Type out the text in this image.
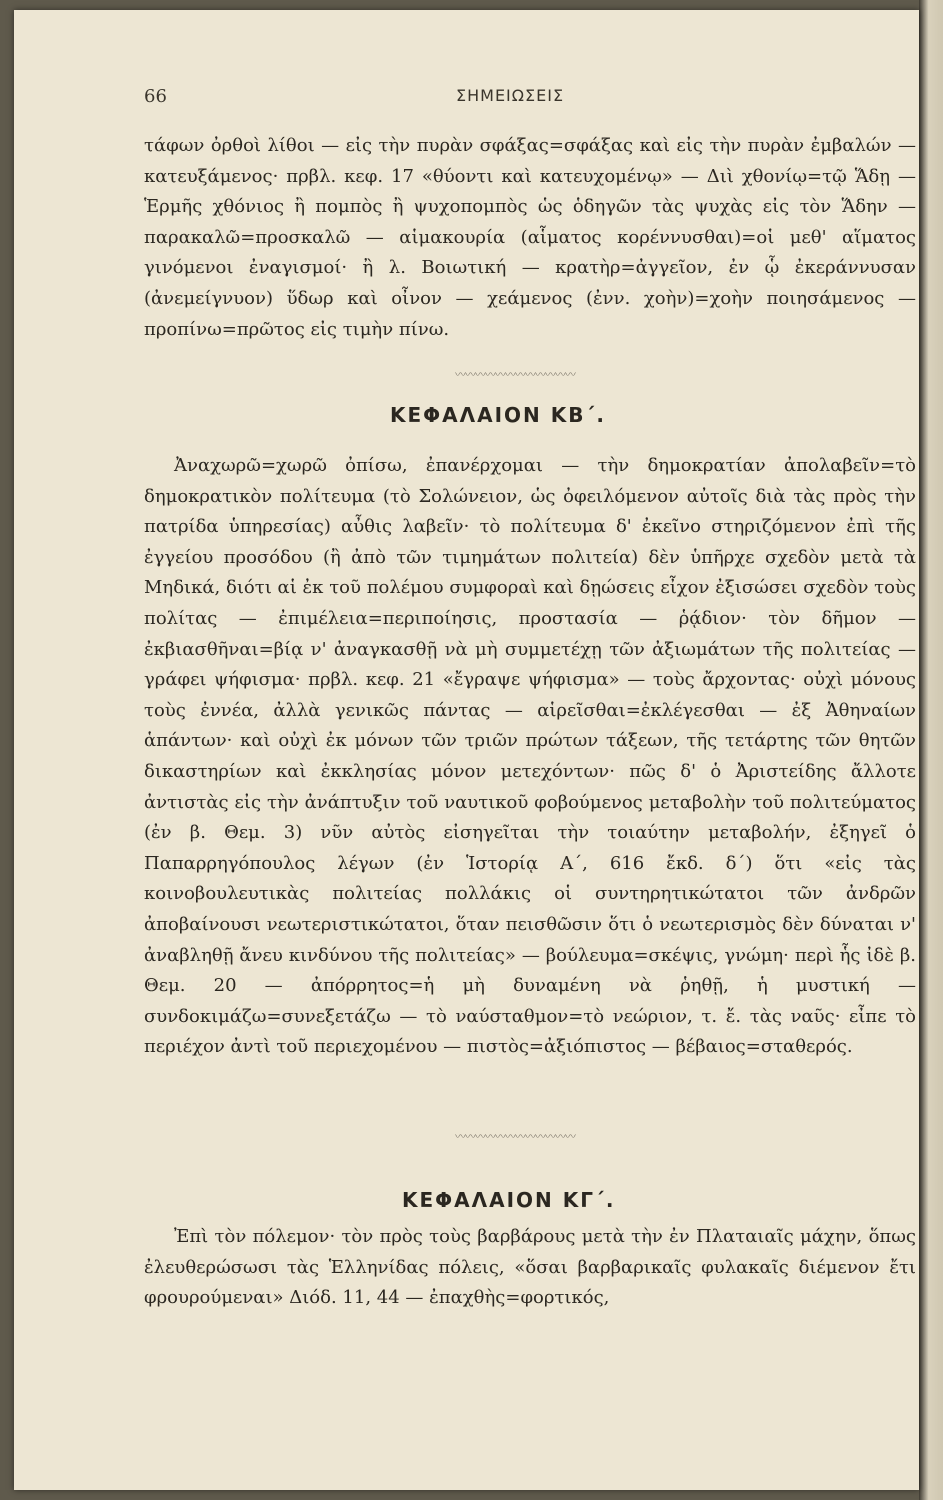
66	ΣΗΜΕΙΩΣΕΙΣ
τάφων ὀρθοὶ λίθοι — εἰς τὴν πυρὰν σφάξας=σφάξας καὶ εἰς τὴν πυρὰν ἐμβαλών — κατευξάμενος· πρβλ. κεφ. 17 «θύοντι καὶ κατευχομένῳ» — Διὶ χθονίῳ=τῷ Ἅδῃ — Ἑρμῆς χθόνιος ἢ πομπὸς ἢ ψυχοπομπὸς ὡς ὁδηγῶν τὰς ψυχὰς εἰς τὸν Ἅδην — παρακαλῶ=προσκαλῶ — αἱμακουρία (αἷματος κορέννυσθαι)=οἱ μεθ' αἵματος γινόμενοι ἐναγισμοί· ἢ λ. Βοιωτική — κρατὴρ=ἀγγεῖον, ἐν ᾧ ἐκεράννυσαν (ἀνεμείγνυον) ὕδωρ καὶ οἶνον — χεάμενος (ἐνν. χοὴν)=χοὴν ποιησάμενος — προπίνω=πρῶτος εἰς τιμὴν πίνω.
〰〰〰〰〰〰〰〰〰〰〰〰
ΚΕΦΑΛΑΙΟΝ ΚΒ΄.
Ἀναχωρῶ=χωρῶ ὀπίσω, ἐπανέρχομαι — τὴν δημοκρατίαν ἀπολαβεῖν=τὸ δημοκρατικὸν πολίτευμα (τὸ Σολώνειον, ὡς ὀφειλόμενον αὐτοῖς διὰ τὰς πρὸς τὴν πατρίδα ὑπηρεσίας) αὖθις λαβεῖν· τὸ πολίτευμα δ' ἐκεῖνο στηριζόμενον ἐπὶ τῆς ἐγγείου προσόδου (ἢ ἀπὸ τῶν τιμημάτων πολιτεία) δὲν ὑπῆρχε σχεδὸν μετὰ τὰ Μηδικά, διότι αἱ ἐκ τοῦ πολέμου συμφοραὶ καὶ δῃώσεις εἶχον ἐξισώσει σχεδὸν τοὺς πολίτας — ἐπιμέλεια=περιποίησις, προστασία — ῥᾴδιον· τὸν δῆμον — ἐκβιασθῆναι=βίᾳ ν' ἀναγκασθῇ νὰ μὴ συμμετέχῃ τῶν ἀξιωμάτων τῆς πολιτείας — γράφει ψήφισμα· πρβλ. κεφ. 21 «ἔγραψε ψήφισμα» — τοὺς ἄρχοντας· οὐχὶ μόνους τοὺς ἐννέα, ἀλλὰ γενικῶς πάντας — αἱρεῖσθαι=ἐκλέγεσθαι — ἐξ Ἀθηναίων ἁπάντων· καὶ οὐχὶ ἐκ μόνων τῶν τριῶν πρώτων τάξεων, τῆς τετάρτης τῶν θητῶν δικαστηρίων καὶ ἐκκλησίας μόνον μετεχόντων· πῶς δ' ὁ Ἀριστείδης ἄλλοτε ἀντιστὰς εἰς τὴν ἀνάπτυξιν τοῦ ναυτικοῦ φοβούμενος μεταβολὴν τοῦ πολιτεύματος (ἐν β. Θεμ. 3) νῦν αὐτὸς εἰσηγεῖται τὴν τοιαύτην μεταβολήν, ἐξηγεῖ ὁ Παπαρρηγόπουλος λέγων (ἐν Ἱστορίᾳ Α΄, 616 ἔκδ. δ΄) ὅτι «εἰς τὰς κοινοβουλευτικὰς πολιτείας πολλάκις οἱ συντηρητικώτατοι τῶν ἀνδρῶν ἀποβαίνουσι νεωτεριστικώτατοι, ὅταν πεισθῶσιν ὅτι ὁ νεωτερισμὸς δὲν δύναται ν' ἀναβληθῇ ἄνευ κινδύνου τῆς πολιτείας» — βούλευμα=σκέψις, γνώμη· περὶ ἧς ἰδὲ β. Θεμ. 20 — ἀπόρρητος=ἡ μὴ δυναμένη νὰ ῥηθῇ, ἡ μυστική — συνδοκιμάζω=συνεξετάζω — τὸ ναύσταθμον=τὸ νεώριον, τ. ἔ. τὰς ναῦς· εἶπε τὸ περιέχον ἀντὶ τοῦ περιεχομένου — πιστὸς=ἀξιόπιστος — βέβαιος=σταθερός.
〰〰〰〰〰〰〰〰〰〰〰〰
ΚΕΦΑΛΑΙΟΝ ΚΓ΄.
Ἐπὶ τὸν πόλεμον· τὸν πρὸς τοὺς βαρβάρους μετὰ τὴν ἐν Πλαταιαῖς μάχην, ὅπως ἐλευθερώσωσι τὰς Ἑλληνίδας πόλεις, «ὅσαι βαρβαρικαῖς φυλακαῖς διέμενον ἔτι φρουρούμεναι» Διόδ. 11, 44 — ἐπαχθὴς=φορτικός,
